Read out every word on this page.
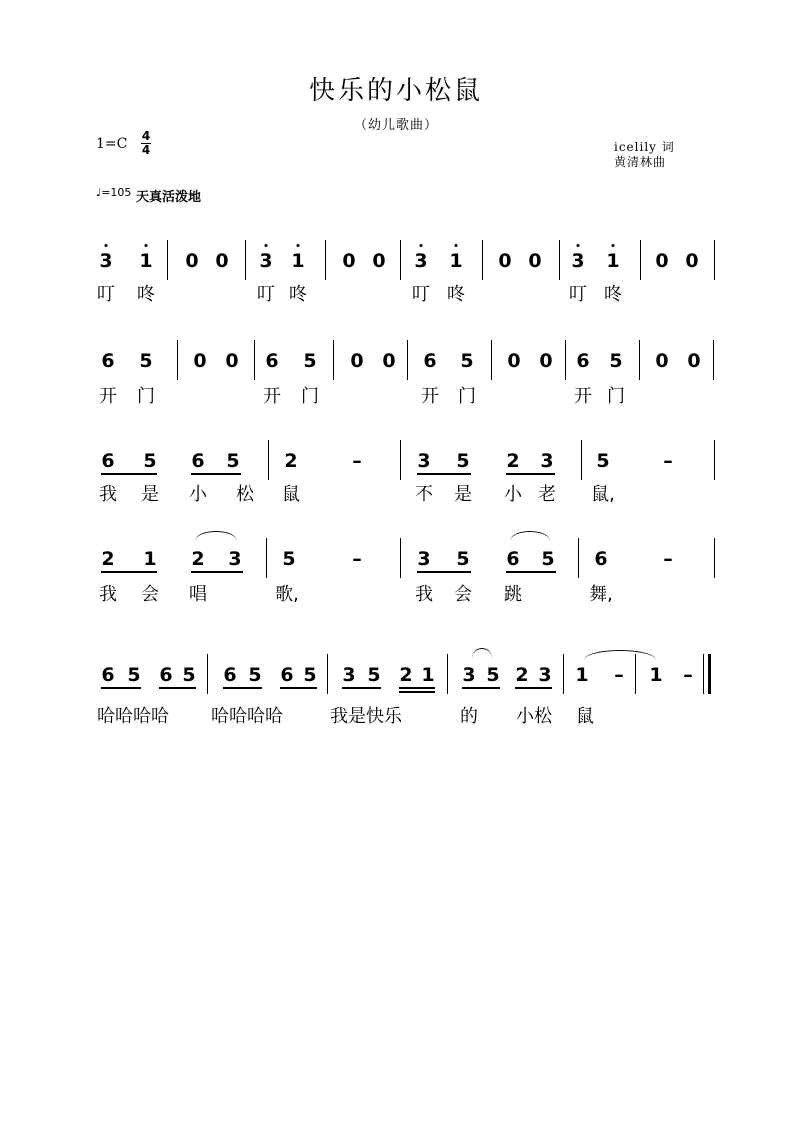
快乐的小松鼠
（幼儿歌曲）
1=C 4
4	icelily 词
黄清林曲
♩=105 天真活泼地
3 1 0 0 3 1 0 0 3 1 0 0 3 1 0 0
叮 咚	叮 咚	叮 咚	叮 咚
6 5 0 0 6 5 0 0 6 5 0 0 6 5 0 0
开 门	开 门	开 门	开 门
6 5 6 5 2	–	3 5 2 3 5	–
我 是 小 松 鼠	不 是 小 老 鼠,
2 1 2 3 5	–	3 5 6 5 6	–
我 会 唱	歌,	我 会 跳	舞,
6 5 6 5 6 5 6 5 3 5 2 1 3 5 2 3 1 – 1 –
哈哈哈哈 哈哈哈哈	我是快乐	的 小松 鼠
